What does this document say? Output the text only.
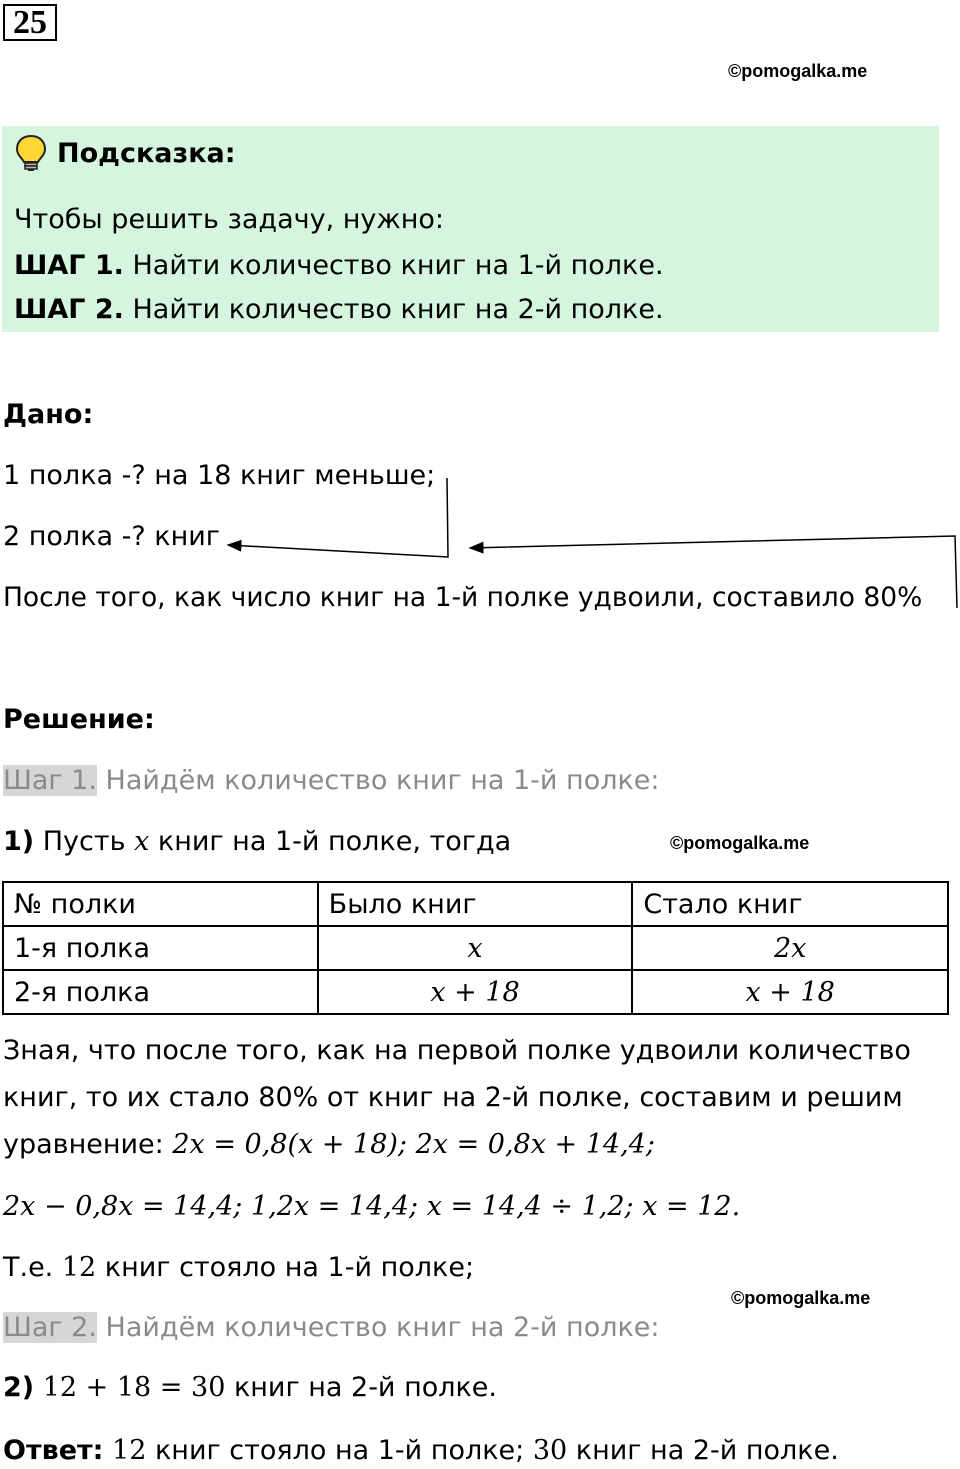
25
©pomogalka.me
Подсказка:
Чтобы решить задачу, нужно:
ШАГ 1. Найти количество книг на 1-й полке.
ШАГ 2. Найти количество книг на 2-й полке.
Дано:
1 полка -? на 18 книг меньше;
2 полка -? книг
После того, как число книг на 1-й полке удвоили, составило 80%
Решение:
Шаг 1. Найдём количество книг на 1-й полке:
1) Пусть x книг на 1-й полке, тогда	©pomogalka.me
№ полки	Было книг	Стало книг
1-я полка	x	2x
2-я полка	x + 18	x + 18
Зная, что после того, как на первой полке удвоили количество
книг, то их стало 80% от книг на 2-й полке, составим и решим
уравнение: 2x = 0,8(x + 18); 2x = 0,8x + 14,4;
2x − 0,8x = 14,4; 1,2x = 14,4; x = 14,4 ÷ 1,2; x = 12.
Т.е. 12 книг стояло на 1-й полке;
©pomogalka.me
Шаг 2. Найдём количество книг на 2-й полке:
2) 12 + 18 = 30 книг на 2-й полке.
Ответ: 12 книг стояло на 1-й полке; 30 книг на 2-й полке.
